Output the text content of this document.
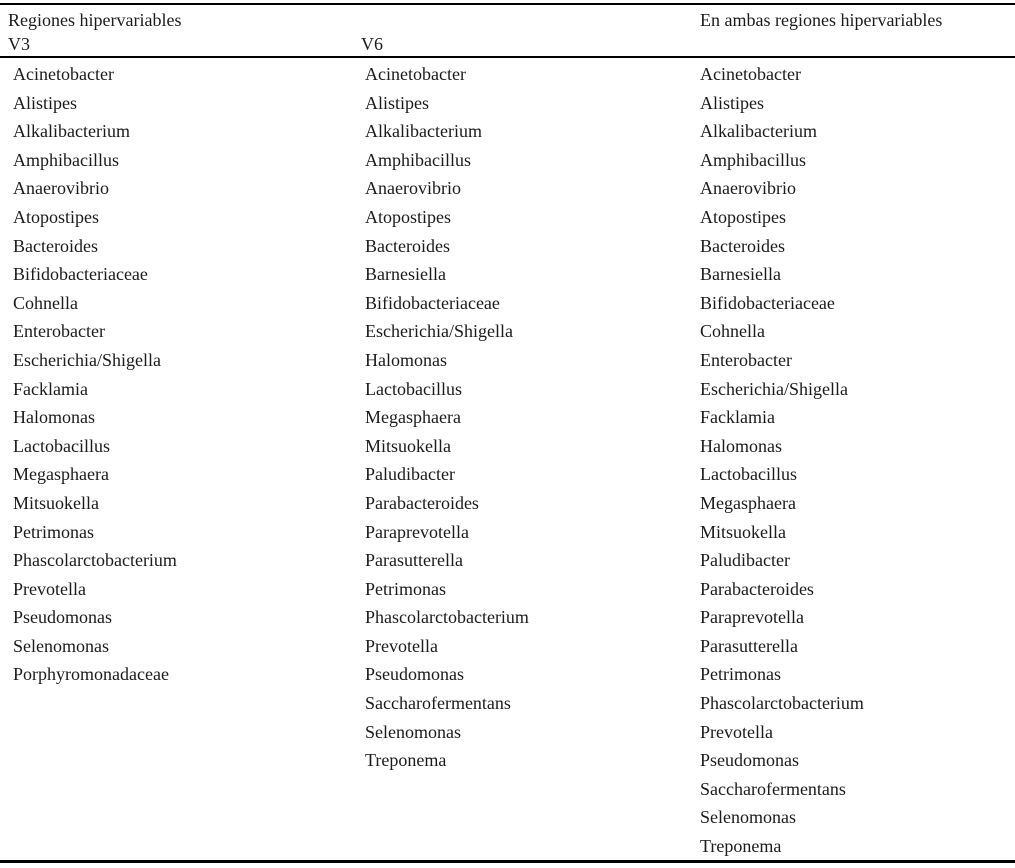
Regiones hipervariables	En ambas regiones hipervariables
V3	V6
Acinetobacter
Alistipes
Alkalibacterium
Amphibacillus
Anaerovibrio
Atopostipes
Bacteroides
Bifidobacteriaceae
Cohnella
Enterobacter
Escherichia/Shigella
Facklamia
Halomonas
Lactobacillus
Megasphaera
Mitsuokella
Petrimonas
Phascolarctobacterium
Prevotella
Pseudomonas
Selenomonas
Porphyromonadaceae
Acinetobacter
Alistipes
Alkalibacterium
Amphibacillus
Anaerovibrio
Atopostipes
Bacteroides
Barnesiella
Bifidobacteriaceae
Escherichia/Shigella
Halomonas
Lactobacillus
Megasphaera
Mitsuokella
Paludibacter
Parabacteroides
Paraprevotella
Parasutterella
Petrimonas
Phascolarctobacterium
Prevotella
Pseudomonas
Saccharofermentans
Selenomonas
Treponema
Acinetobacter
Alistipes
Alkalibacterium
Amphibacillus
Anaerovibrio
Atopostipes
Bacteroides
Barnesiella
Bifidobacteriaceae
Cohnella
Enterobacter
Escherichia/Shigella
Facklamia
Halomonas
Lactobacillus
Megasphaera
Mitsuokella
Paludibacter
Parabacteroides
Paraprevotella
Parasutterella
Petrimonas
Phascolarctobacterium
Prevotella
Pseudomonas
Saccharofermentans
Selenomonas
Treponema
